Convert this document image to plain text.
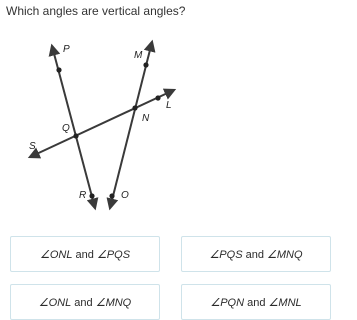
Which angles are vertical angles?
P
M
L
N
Q
S
R	O
∠ONL and ∠PQS	∠PQS and ∠MNQ
∠ONL and ∠MNQ	∠PQN and ∠MNL
